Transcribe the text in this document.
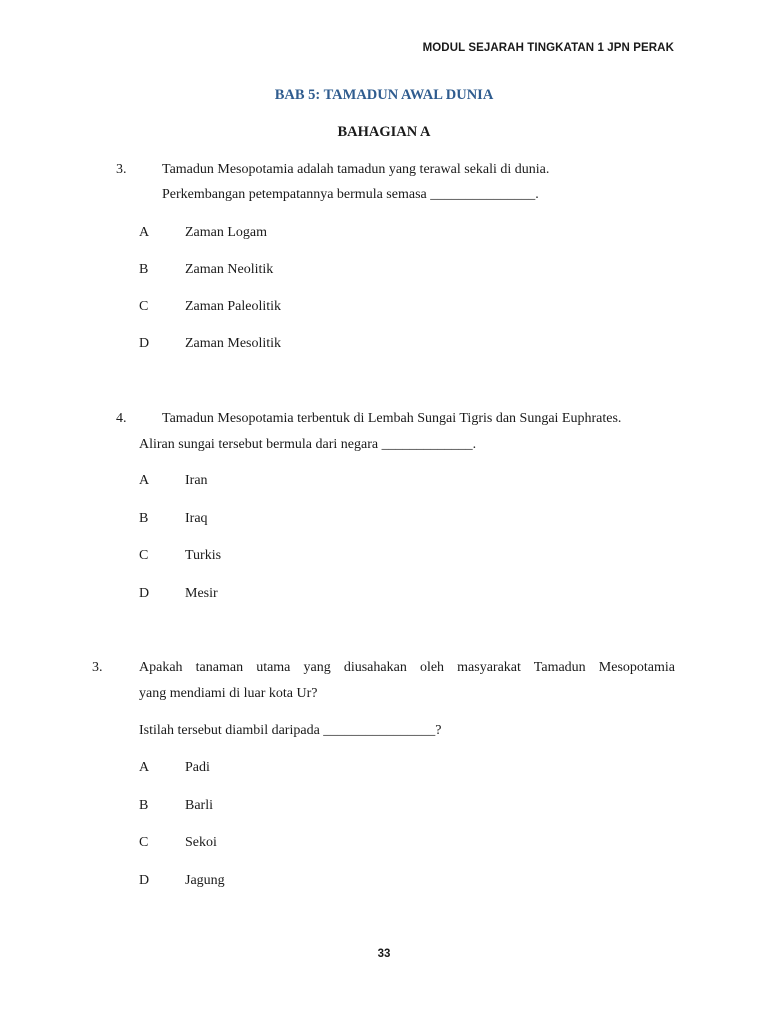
MODUL SEJARAH TINGKATAN 1 JPN PERAK
BAB 5: TAMADUN AWAL DUNIA
BAHAGIAN A
3.	Tamadun Mesopotamia adalah tamadun yang terawal sekali di dunia.
Perkembangan petempatannya bermula semasa _______________.
A	Zaman Logam
B	Zaman Neolitik
C	Zaman Paleolitik
D	Zaman Mesolitik
4.	Tamadun Mesopotamia terbentuk di Lembah Sungai Tigris dan Sungai Euphrates.
Aliran sungai tersebut bermula dari negara _____________.
A	Iran
B	Iraq
C	Turkis
D	Mesir
3.	Apakah tanaman utama yang diusahakan oleh masyarakat Tamadun Mesopotamia
yang mendiami di luar kota Ur?
Istilah tersebut diambil daripada ________________?
A	Padi
B	Barli
C	Sekoi
D	Jagung
33
